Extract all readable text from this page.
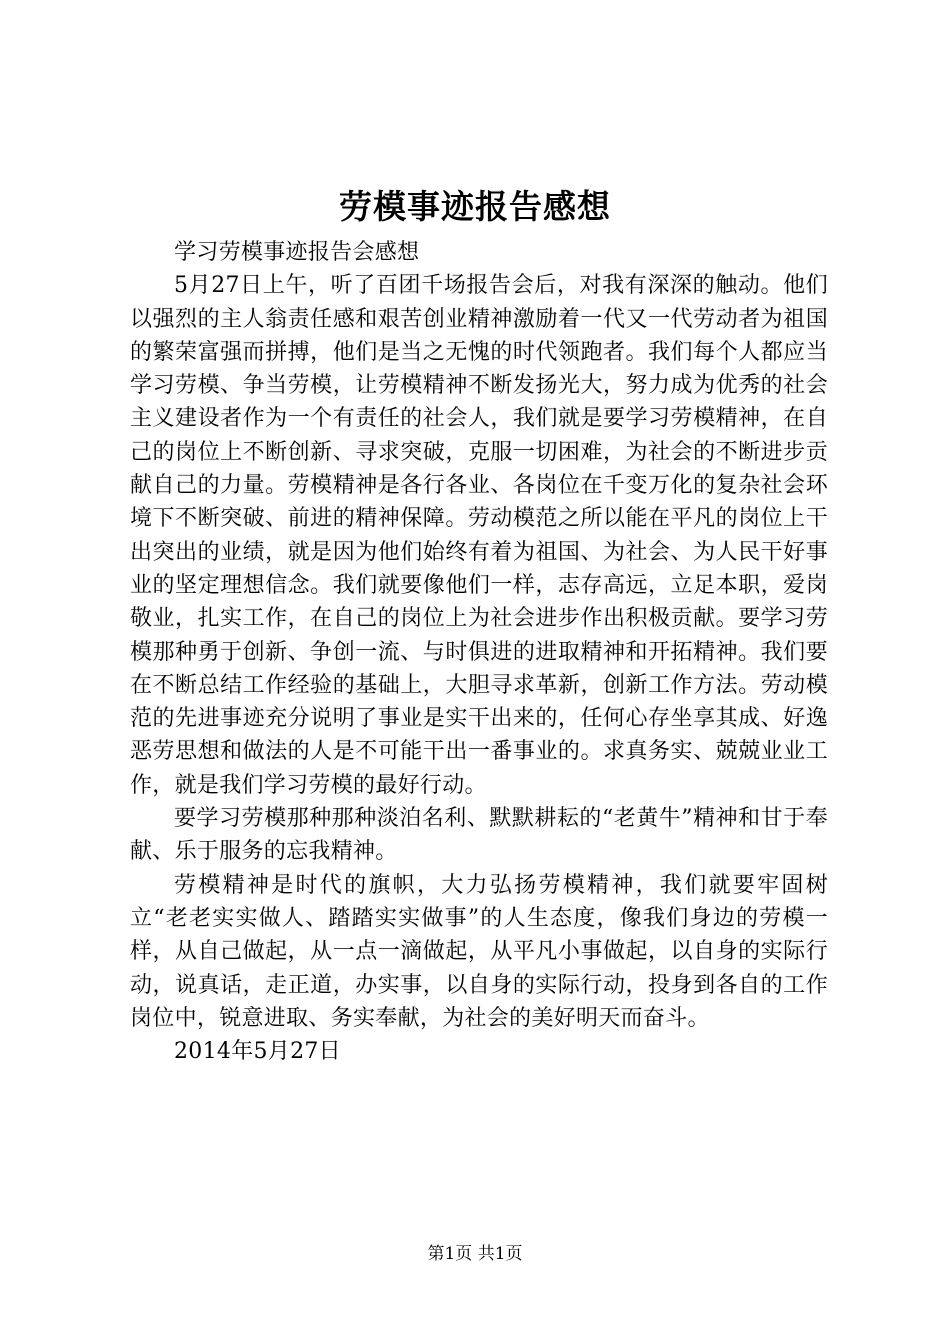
劳模事迹报告感想

学习劳模事迹报告会感想

5月27日上午，听了百团千场报告会后，对我有深深的触动。他们以强烈的主人翁责任感和艰苦创业精神激励着一代又一代劳动者为祖国的繁荣富强而拼搏，他们是当之无愧的时代领跑者。我们每个人都应当学习劳模、争当劳模，让劳模精神不断发扬光大，努力成为优秀的社会主义建设者作为一个有责任的社会人，我们就是要学习劳模精神，在自己的岗位上不断创新、寻求突破，克服一切困难，为社会的不断进步贡献自己的力量。劳模精神是各行各业、各岗位在千变万化的复杂社会环境下不断突破、前进的精神保障。劳动模范之所以能在平凡的岗位上干出突出的业绩，就是因为他们始终有着为祖国、为社会、为人民干好事业的坚定理想信念。我们就要像他们一样，志存高远，立足本职，爱岗敬业，扎实工作，在自己的岗位上为社会进步作出积极贡献。要学习劳模那种勇于创新、争创一流、与时俱进的进取精神和开拓精神。我们要在不断总结工作经验的基础上，大胆寻求革新，创新工作方法。劳动模范的先进事迹充分说明了事业是实干出来的，任何心存坐享其成、好逸恶劳思想和做法的人是不可能干出一番事业的。求真务实、兢兢业业工作，就是我们学习劳模的最好行动。

要学习劳模那种那种淡泊名利、默默耕耘的“老黄牛”精神和甘于奉献、乐于服务的忘我精神。

劳模精神是时代的旗帜，大力弘扬劳模精神，我们就要牢固树立“老老实实做人、踏踏实实做事”的人生态度，像我们身边的劳模一样，从自己做起，从一点一滴做起，从平凡小事做起，以自身的实际行动，说真话，走正道，办实事，以自身的实际行动，投身到各自的工作岗位中，锐意进取、务实奉献，为社会的美好明天而奋斗。

2014年5月27日

第1页 共1页
